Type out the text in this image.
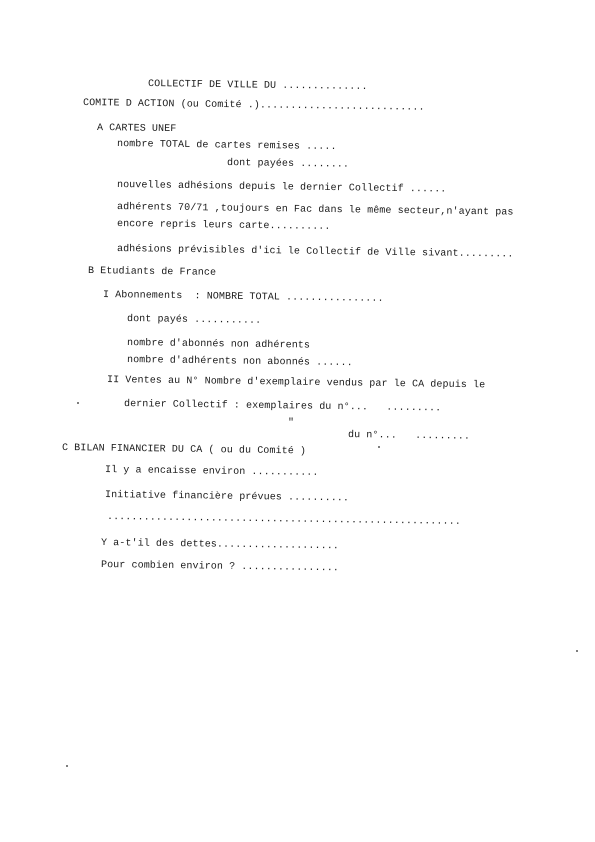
COLLECTIF DE VILLE DU ..............
COMITE D ACTION (ou Comité .)...........................
A CARTES UNEF
nombre TOTAL de cartes remises .....
dont payées ........
nouvelles adhésions depuis le dernier Collectif ......
adhérents 70/71 ,toujours en Fac dans le même secteur,n'ayant pas
encore repris leurs carte..........
adhésions prévisibles d'ici le Collectif de Ville sivant.........
B Etudiants de France
I Abonnements  : NOMBRE TOTAL ................
dont payés ...........
nombre d'abonnés non adhérents
nombre d'adhérents non abonnés ......
II Ventes au N° Nombre d'exemplaire vendus par le CA depuis le
dernier Collectif : exemplaires du n°...   .........
"
du n°...   .........
C BILAN FINANCIER DU CA ( ou du Comité )
Il y a encaisse environ ...........
Initiative financière prévues ..........
..........................................................
Y a-t'il des dettes....................
Pour combien environ ? ................
